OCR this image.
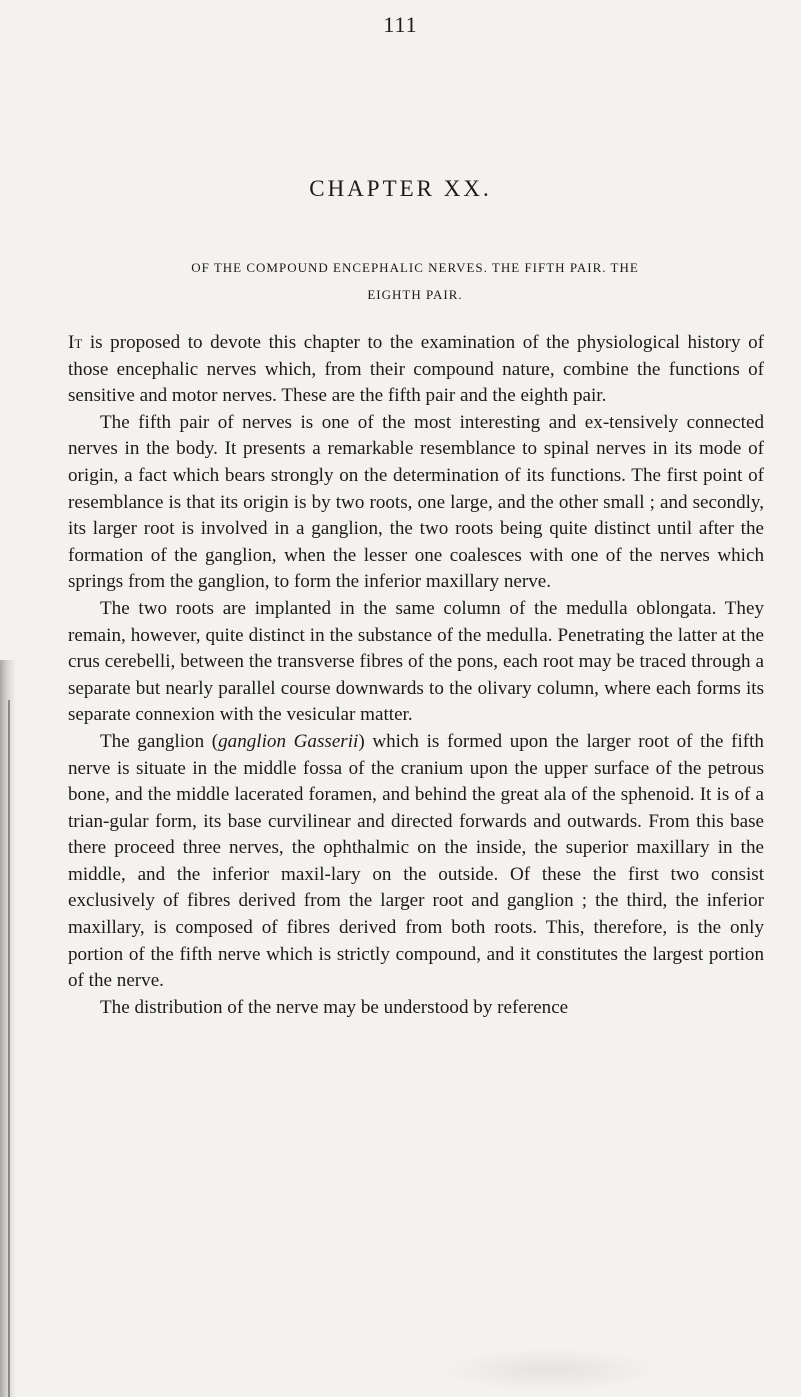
111
CHAPTER XX.
OF THE COMPOUND ENCEPHALIC NERVES. THE FIFTH PAIR. THE
EIGHTH PAIR.

It is proposed to devote this chapter to the examination of the physiological history of those encephalic nerves which, from their compound nature, combine the functions of sensitive and motor nerves. These are the fifth pair and the eighth pair.

The fifth pair of nerves is one of the most interesting and ex-tensively connected nerves in the body. It presents a remarkable resemblance to spinal nerves in its mode of origin, a fact which bears strongly on the determination of its functions. The first point of resemblance is that its origin is by two roots, one large, and the other small ; and secondly, its larger root is involved in a ganglion, the two roots being quite distinct until after the formation of the ganglion, when the lesser one coalesces with one of the nerves which springs from the ganglion, to form the inferior maxillary nerve.

The two roots are implanted in the same column of the medulla oblongata. They remain, however, quite distinct in the substance of the medulla. Penetrating the latter at the crus cerebelli, between the transverse fibres of the pons, each root may be traced through a separate but nearly parallel course downwards to the olivary column, where each forms its separate connexion with the vesicular matter.

The ganglion (ganglion Gasserii) which is formed upon the larger root of the fifth nerve is situate in the middle fossa of the cranium upon the upper surface of the petrous bone, and the middle lacerated foramen, and behind the great ala of the sphenoid. It is of a trian-gular form, its base curvilinear and directed forwards and outwards. From this base there proceed three nerves, the ophthalmic on the inside, the superior maxillary in the middle, and the inferior maxil-lary on the outside. Of these the first two consist exclusively of fibres derived from the larger root and ganglion ; the third, the inferior maxillary, is composed of fibres derived from both roots. This, therefore, is the only portion of the fifth nerve which is strictly compound, and it constitutes the largest portion of the nerve.

The distribution of the nerve may be understood by reference
